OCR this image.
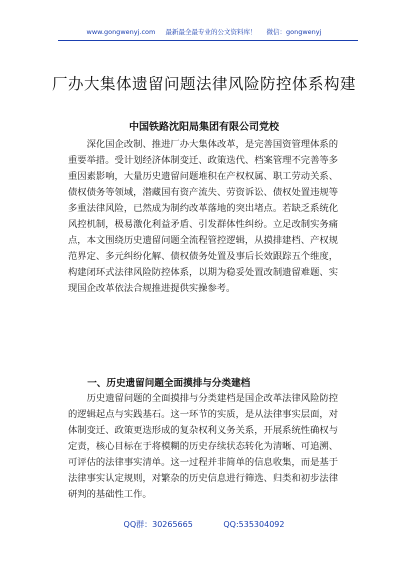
www.gongwenyj.com 最新最全最专业的公文资料库！ 微信：gongwenyj
厂办大集体遗留问题法律风险防控体系构建
中国铁路沈阳局集团有限公司党校

深化国企改制、推进厂办大集体改革，是完善国资管理体系的重要举措。受计划经济体制变迁、政策迭代、档案管理不完善等多重因素影响，大量历史遗留问题堆积在产权权属、职工劳动关系、债权债务等领域，潜藏国有资产流失、劳资诉讼、债权处置违规等多重法律风险，已然成为制约改革落地的突出堵点。若缺乏系统化风控机制，极易激化利益矛盾、引发群体性纠纷。立足改制实务痛点，本文围绕历史遗留问题全流程管控逻辑，从摸排建档、产权规范界定、多元纠纷化解、债权债务处置及事后长效跟踪五个维度，构建闭环式法律风险防控体系，以期为稳妥处置改制遗留难题、实现国企改革依法合规推进提供实操参考。

一、历史遗留问题全面摸排与分类建档

历史遗留问题的全面摸排与分类建档是国企改革法律风险防控的逻辑起点与实践基石。这一环节的实质，是从法律事实层面，对体制变迁、政策更迭形成的复杂权利义务关系，开展系统性确权与定责，核心目标在于将模糊的历史存续状态转化为清晰、可追溯、可评估的法律事实清单。这一过程并非简单的信息收集，而是基于法律事实认定规则，对繁杂的历史信息进行筛选、归类和初步法律研判的基础性工作。

QQ群：30265665	QQ:535304092
